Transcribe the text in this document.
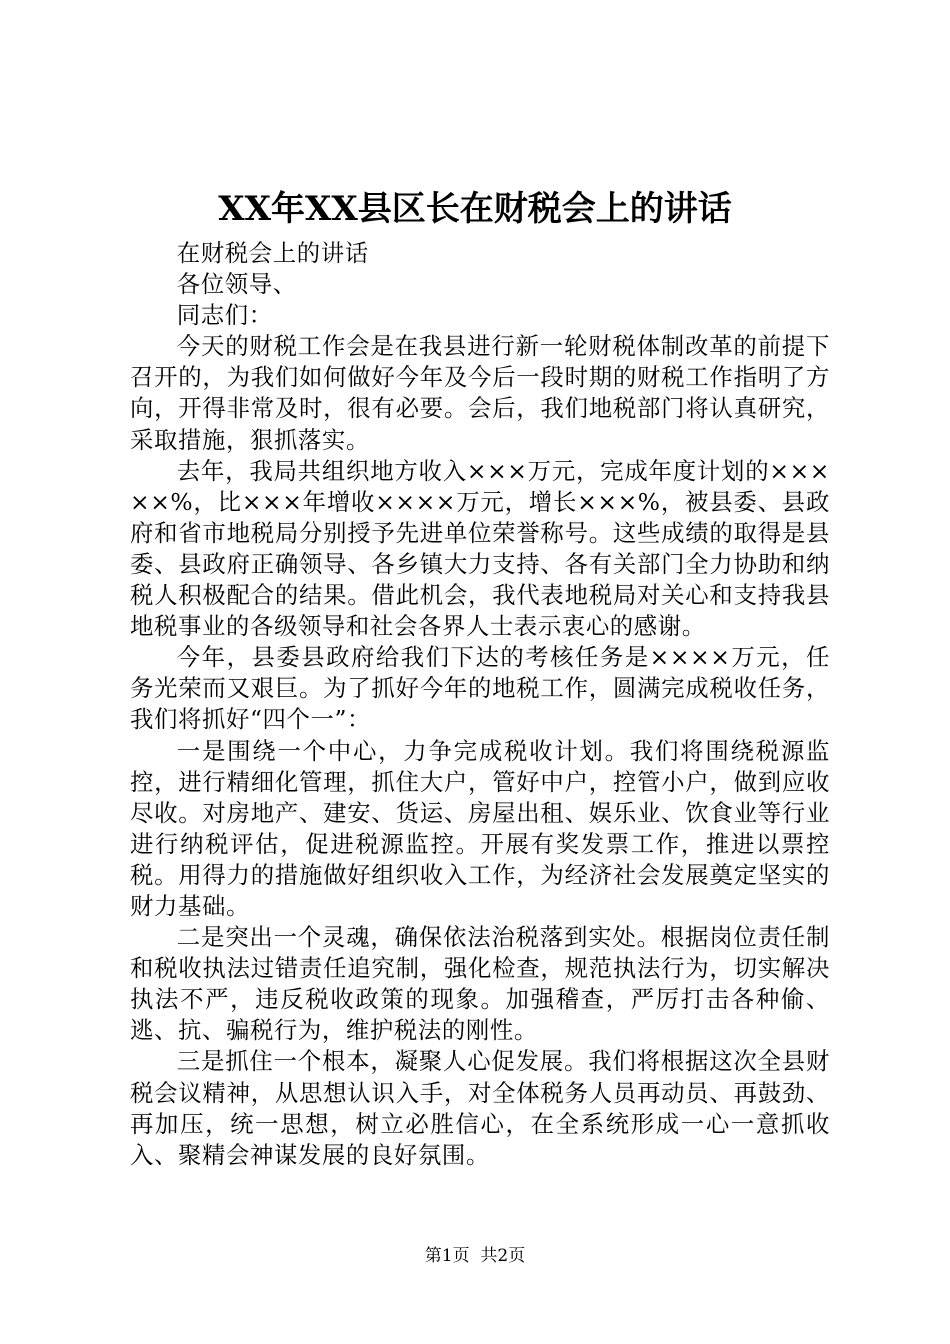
XX年XX县区长在财税会上的讲话

在财税会上的讲话

各位领导、

同志们：

今天的财税工作会是在我县进行新一轮财税体制改革的前提下召开的，为我们如何做好今年及今后一段时期的财税工作指明了方向，开得非常及时，很有必要。会后，我们地税部门将认真研究，采取措施，狠抓落实。

去年，我局共组织地方收入×××万元，完成年度计划的×××××%，比×××年增收××××万元，增长×××%，被县委、县政府和省市地税局分别授予先进单位荣誉称号。这些成绩的取得是县委、县政府正确领导、各乡镇大力支持、各有关部门全力协助和纳税人积极配合的结果。借此机会，我代表地税局对关心和支持我县地税事业的各级领导和社会各界人士表示衷心的感谢。

今年，县委县政府给我们下达的考核任务是××××万元，任务光荣而又艰巨。为了抓好今年的地税工作，圆满完成税收任务，我们将抓好“四个一”：

一是围绕一个中心，力争完成税收计划。我们将围绕税源监控，进行精细化管理，抓住大户，管好中户，控管小户，做到应收尽收。对房地产、建安、货运、房屋出租、娱乐业、饮食业等行业进行纳税评估，促进税源监控。开展有奖发票工作，推进以票控税。用得力的措施做好组织收入工作，为经济社会发展奠定坚实的财力基础。

二是突出一个灵魂，确保依法治税落到实处。根据岗位责任制和税收执法过错责任追究制，强化检查，规范执法行为，切实解决执法不严，违反税收政策的现象。加强稽查，严厉打击各种偷、逃、抗、骗税行为，维护税法的刚性。

三是抓住一个根本，凝聚人心促发展。我们将根据这次全县财税会议精神，从思想认识入手，对全体税务人员再动员、再鼓劲、再加压，统一思想，树立必胜信心，在全系统形成一心一意抓收入、聚精会神谋发展的良好氛围。

第1页  共2页
